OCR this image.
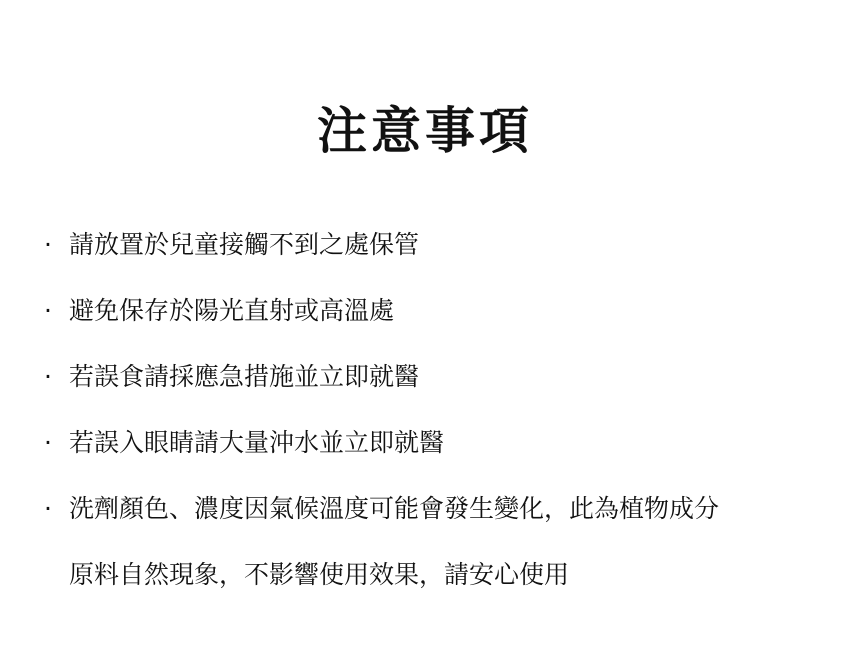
注意事項
· 請放置於兒童接觸不到之處保管
· 避免保存於陽光直射或高溫處
· 若誤食請採應急措施並立即就醫
· 若誤入眼睛請大量沖水並立即就醫
· 洗劑顏色、濃度因氣候溫度可能會發生變化，此為植物成分
原料自然現象，不影響使用效果，請安心使用
